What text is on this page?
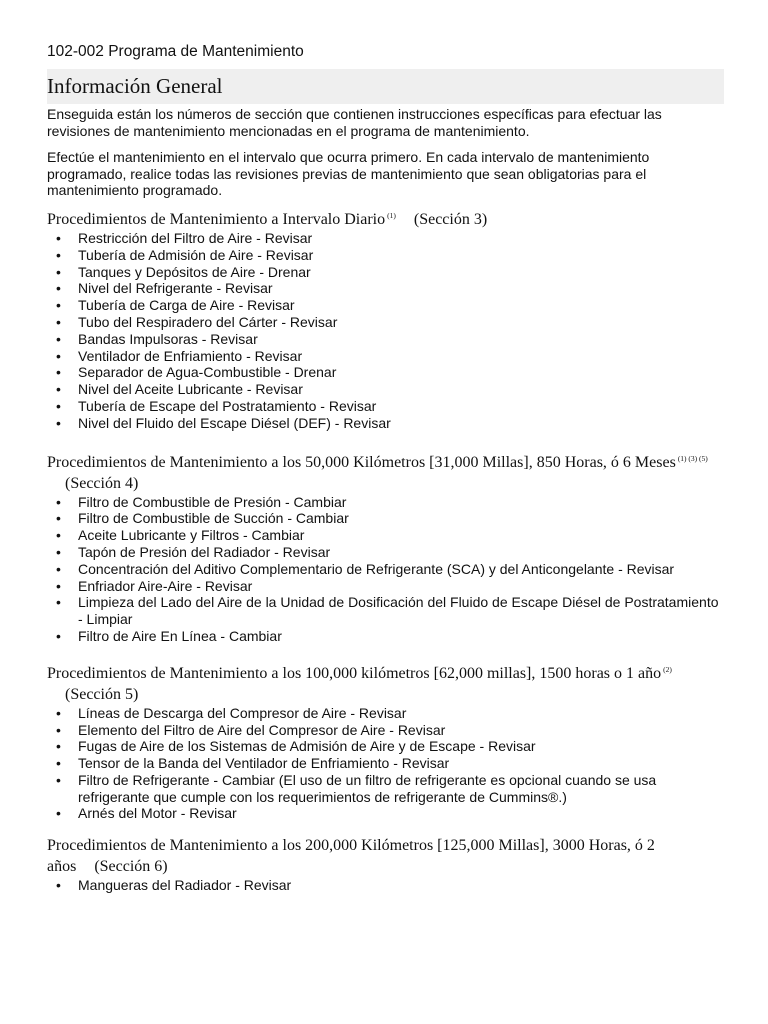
102-002 Programa de Mantenimiento
Información General

Enseguida están los números de sección que contienen instrucciones específicas para efectuar las revisiones de mantenimiento mencionadas en el programa de mantenimiento.

Efectúe el mantenimiento en el intervalo que ocurra primero. En cada intervalo de mantenimiento programado, realice todas las revisiones previas de mantenimiento que sean obligatorias para el mantenimiento programado.

Procedimientos de Mantenimiento a Intervalo Diario $^{(1)}$ (Sección 3)
• Restricción del Filtro de Aire - Revisar
• Tubería de Admisión de Aire - Revisar
• Tanques y Depósitos de Aire - Drenar
• Nivel del Refrigerante - Revisar
• Tubería de Carga de Aire - Revisar
• Tubo del Respiradero del Cárter - Revisar
• Bandas Impulsoras - Revisar
• Ventilador de Enfriamiento - Revisar
• Separador de Agua-Combustible - Drenar
• Nivel del Aceite Lubricante - Revisar
• Tubería de Escape del Postratamiento - Revisar
• Nivel del Fluido del Escape Diésel (DEF) - Revisar
Procedimientos de Mantenimiento a los 50,000 Kilómetros [31,000 Millas], 850 Horas, ó 6 Meses $^{(1) (3) (5)}$(Sección 4)
• Filtro de Combustible de Presión - Cambiar
• Filtro de Combustible de Succión - Cambiar
• Aceite Lubricante y Filtros - Cambiar
• Tapón de Presión del Radiador - Revisar
• Concentración del Aditivo Complementario de Refrigerante (SCA) y del Anticongelante - Revisar
• Enfriador Aire-Aire - Revisar
• Limpieza del Lado del Aire de la Unidad de Dosificación del Fluido de Escape Diésel de Postratamiento - Limpiar
• Filtro de Aire En Línea - Cambiar
Procedimientos de Mantenimiento a los 100,000 kilómetros [62,000 millas], 1500 horas o 1 año $^{(2)}$(Sección 5)
• Líneas de Descarga del Compresor de Aire - Revisar
• Elemento del Filtro de Aire del Compresor de Aire - Revisar
• Fugas de Aire de los Sistemas de Admisión de Aire y de Escape - Revisar
• Tensor de la Banda del Ventilador de Enfriamiento - Revisar
• Filtro de Refrigerante - Cambiar (El uso de un filtro de refrigerante es opcional cuando se usa refrigerante que cumple con los requerimientos de refrigerante de Cummins®.)
• Arnés del Motor - Revisar
Procedimientos de Mantenimiento a los 200,000 Kilómetros [125,000 Millas], 3000 Horas, ó 2 años (Sección 6)
• Mangueras del Radiador - Revisar
